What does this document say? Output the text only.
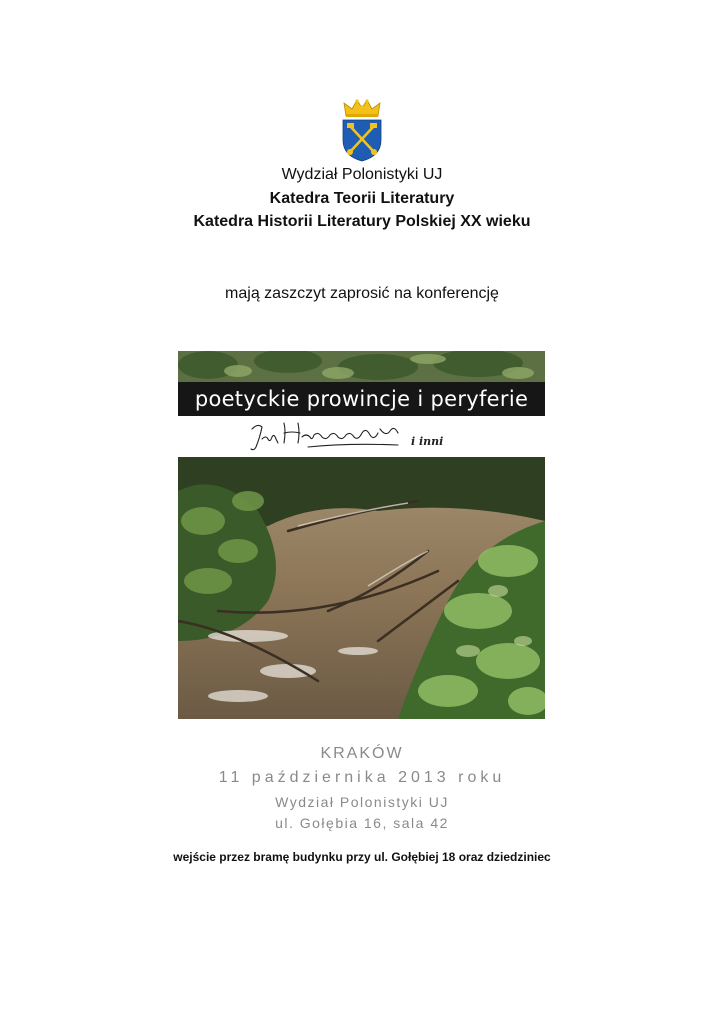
Wydział Polonistyki UJ
Katedra Teorii Literatury
Katedra Historii Literatury Polskiej XX wieku
mają zaszczyt zaprosić na konferencję
poetyckie prowincje i peryferie
i inni
KRAKÓW
11 października 2013 roku
Wydział Polonistyki UJ
ul. Gołębia 16, sala 42
wejście przez bramę budynku przy ul. Gołębiej 18 oraz dziedziniec
